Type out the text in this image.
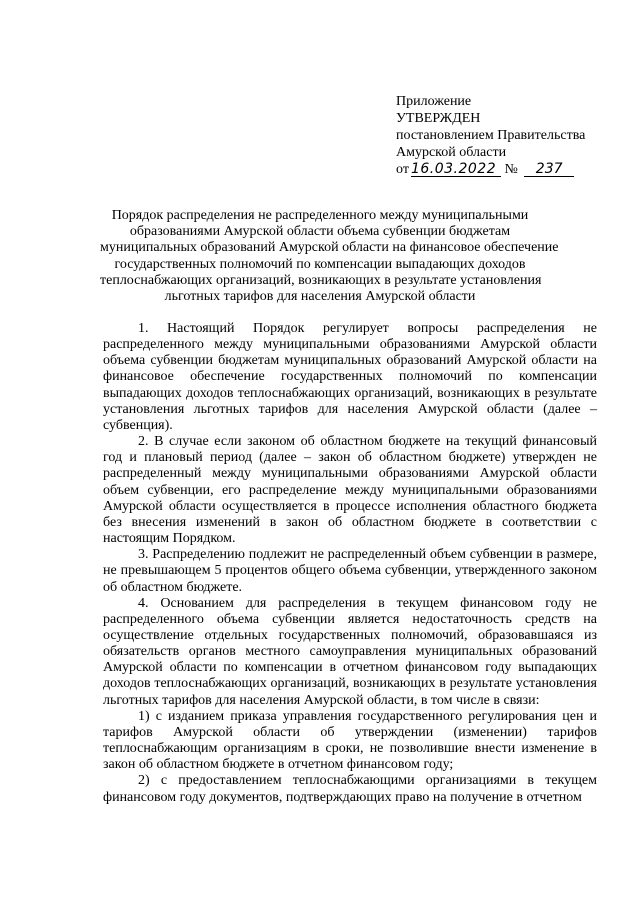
Приложение
УТВЕРЖДЕН
постановлением Правительства
Амурской области
от 16.03.2022 № 237
Порядок распределения не распределенного между муниципальными
образованиями Амурской области объема субвенции бюджетам
муниципальных образований Амурской области на финансовое обеспечение
государственных полномочий по компенсации выпадающих доходов
теплоснабжающих организаций, возникающих в результате установления
льготных тарифов для населения Амурской области

1. Настоящий Порядок регулирует вопросы распределения не распределенного между муниципальными образованиями Амурской области объема субвенции бюджетам муниципальных образований Амурской области на финансовое обеспечение государственных полномочий по компенсации выпадающих доходов теплоснабжающих организаций, возникающих в результате установления льготных тарифов для населения Амурской области (далее – субвенция).

2. В случае если законом об областном бюджете на текущий финансовый год и плановый период (далее – закон об областном бюджете) утвержден не распределенный между муниципальными образованиями Амурской области объем субвенции, его распределение между муниципальными образованиями Амурской области осуществляется в процессе исполнения областного бюджета без внесения изменений в закон об областном бюджете в соответствии с настоящим Порядком.

3. Распределению подлежит не распределенный объем субвенции в размере, не превышающем 5 процентов общего объема субвенции, утвержденного законом об областном бюджете.

4. Основанием для распределения в текущем финансовом году не распределенного объема субвенции является недостаточность средств на осуществление отдельных государственных полномочий, образовавшаяся из обязательств органов местного самоуправления муниципальных образований Амурской области по компенсации в отчетном финансовом году выпадающих доходов теплоснабжающих организаций, возникающих в результате установления льготных тарифов для населения Амурской области, в том числе в связи:

1) с изданием приказа управления государственного регулирования цен и тарифов Амурской области об утверждении (изменении) тарифов теплоснабжающим организациям в сроки, не позволившие внести изменение в закон об областном бюджете в отчетном финансовом году;

2) с предоставлением теплоснабжающими организациями в текущем финансовом году документов, подтверждающих право на получение в отчетном
